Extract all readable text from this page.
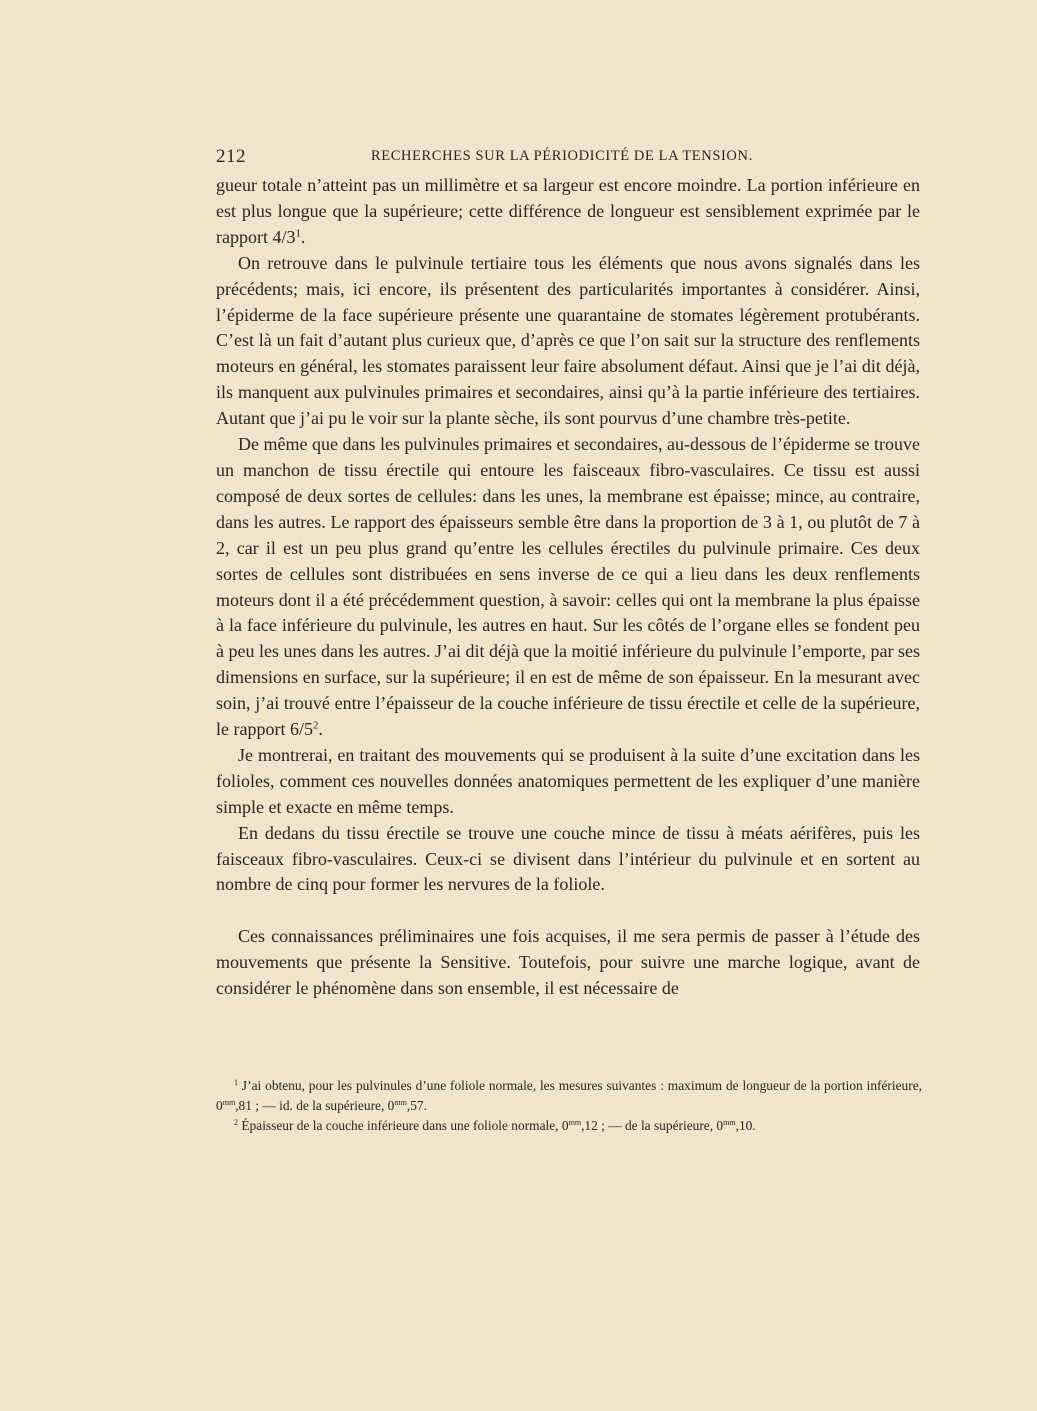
212	RECHERCHES SUR LA PÉRIODICITÉ DE LA TENSION.

gueur totale n’atteint pas un millimètre et sa largeur est encore moindre. La portion inférieure en est plus longue que la supérieure; cette différence de longueur est sensiblement exprimée par le rapport $4/3^1$.

On retrouve dans le pulvinule tertiaire tous les éléments que nous avons signalés dans les précédents; mais, ici encore, ils présentent des particularités importantes à considérer. Ainsi, l’épiderme de la face supérieure présente une quarantaine de stomates légèrement protubérants. C’est là un fait d’autant plus curieux que, d’après ce que l’on sait sur la structure des renflements moteurs en général, les stomates paraissent leur faire absolument défaut. Ainsi que je l’ai dit déjà, ils manquent aux pulvinules primaires et secondaires, ainsi qu’à la partie inférieure des tertiaires. Autant que j’ai pu le voir sur la plante sèche, ils sont pourvus d’une chambre très-petite.

De même que dans les pulvinules primaires et secondaires, au-dessous de l’épiderme se trouve un manchon de tissu érectile qui entoure les faisceaux fibro-vasculaires. Ce tissu est aussi composé de deux sortes de cellules: dans les unes, la membrane est épaisse; mince, au contraire, dans les autres. Le rapport des épaisseurs semble être dans la proportion de 3 à 1, ou plutôt de 7 à 2, car il est un peu plus grand qu’entre les cellules érectiles du pulvinule primaire. Ces deux sortes de cellules sont distribuées en sens inverse de ce qui a lieu dans les deux renflements moteurs dont il a été précédemment question, à savoir: celles qui ont la membrane la plus épaisse à la face inférieure du pulvinule, les autres en haut. Sur les côtés de l’organe elles se fondent peu à peu les unes dans les autres. J’ai dit déjà que la moitié inférieure du pulvinule l’emporte, par ses dimensions en surface, sur la supérieure; il en est de même de son épaisseur. En la mesurant avec soin, j’ai trouvé entre l’épaisseur de la couche inférieure de tissu érectile et celle de la supérieure, le rapport $6/5^2$.

Je montrerai, en traitant des mouvements qui se produisent à la suite d’une excitation dans les folioles, comment ces nouvelles données anatomiques permettent de les expliquer d’une manière simple et exacte en même temps.

En dedans du tissu érectile se trouve une couche mince de tissu à méats aérifères, puis les faisceaux fibro-vasculaires. Ceux-ci se divisent dans l’intérieur du pulvinule et en sortent au nombre de cinq pour former les nervures de la foliole.

Ces connaissances préliminaires une fois acquises, il me sera permis de passer à l’étude des mouvements que présente la Sensitive. Toutefois, pour suivre une marche logique, avant de considérer le phénomène dans son ensemble, il est nécessaire de

$^1$ J’ai obtenu, pour les pulvinules d’une foliole normale, les mesures suivantes : maximum de longueur de la portion inférieure, $0^{mm},81$ ; — id. de la supérieure, $0^{mm},57$.

$^2$ Épaisseur de la couche inférieure dans une foliole normale, $0^{mm},12$ ; — de la supérieure, $0^{mm},10$.
